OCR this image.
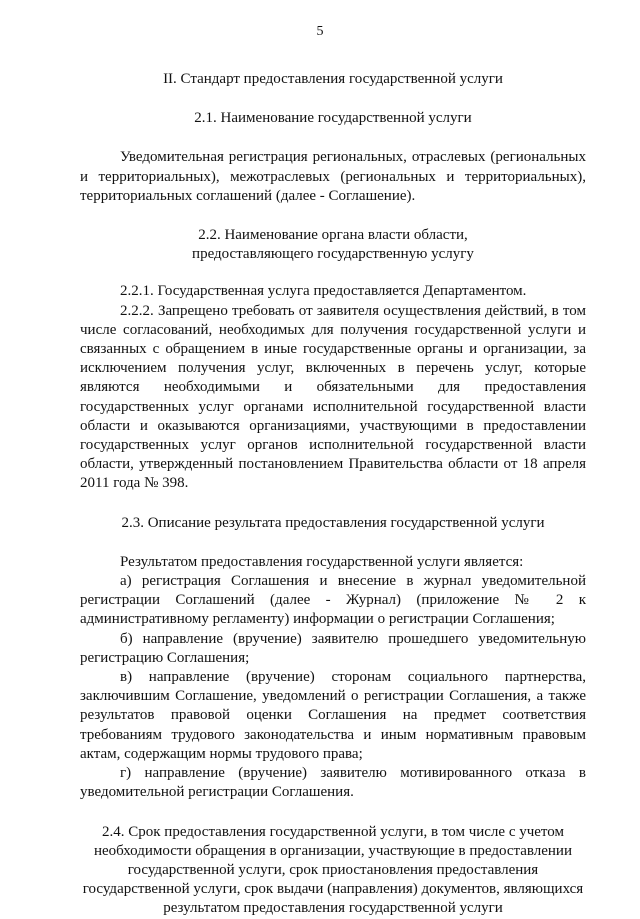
5

II. Стандарт предоставления государственной услуги

2.1. Наименование государственной услуги

Уведомительная регистрация региональных, отраслевых (региональных и территориальных), межотраслевых (региональных и территориальных), территориальных соглашений (далее - Соглашение).

2.2. Наименование органа власти области,

предоставляющего государственную услугу

2.2.1. Государственная услуга предоставляется Департаментом.

2.2.2. Запрещено требовать от заявителя осуществления действий, в том числе согласований, необходимых для получения государственной услуги и связанных с обращением в иные государственные органы и организации, за исключением получения услуг, включенных в перечень услуг, которые являются необходимыми и обязательными для предоставления государственных услуг органами исполнительной государственной власти области и оказываются организациями, участвующими в предоставлении государственных услуг органов исполнительной государственной власти области, утвержденный постановлением Правительства области от 18 апреля 2011 года № 398.

2.3. Описание результата предоставления государственной услуги

Результатом предоставления государственной услуги является:

а) регистрация Соглашения и внесение в журнал уведомительной регистрации Соглашений (далее - Журнал) (приложение № 2 к административному регламенту) информации о регистрации Соглашения;

б) направление (вручение) заявителю прошедшего уведомительную регистрацию Соглашения;

в) направление (вручение) сторонам социального партнерства, заключившим Соглашение, уведомлений о регистрации Соглашения, а также результатов правовой оценки Соглашения на предмет соответствия требованиям трудового законодательства и иным нормативным правовым актам, содержащим нормы трудового права;

г) направление (вручение) заявителю мотивированного отказа в уведомительной регистрации Соглашения.

2.4. Срок предоставления государственной услуги, в том числе с учетом

необходимости обращения в организации, участвующие в предоставлении

государственной услуги, срок приостановления предоставления

государственной услуги, срок выдачи (направления) документов, являющихся

результатом предоставления государственной услуги
